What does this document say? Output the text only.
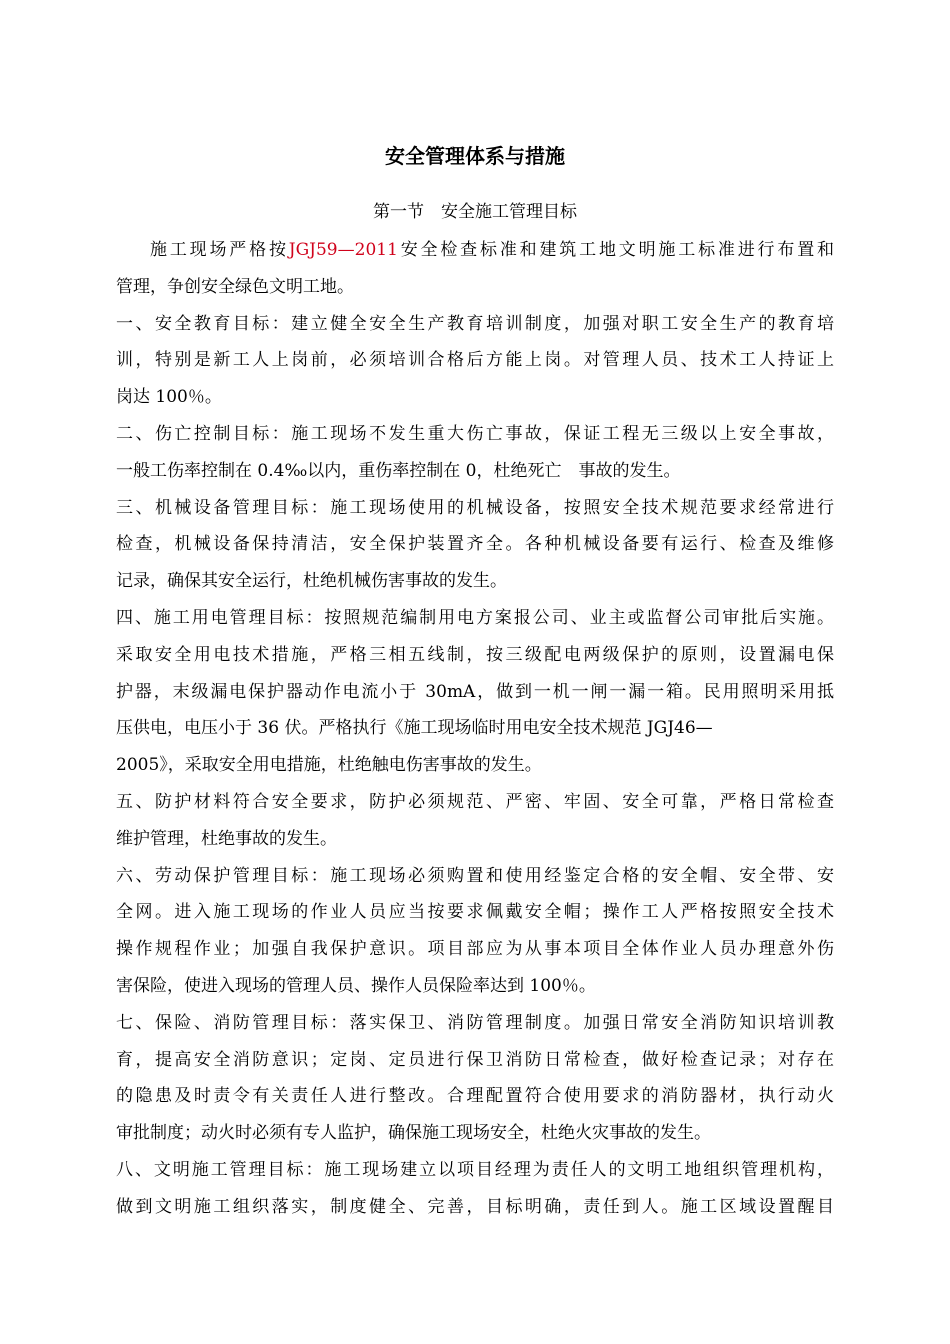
安全管理体系与措施
第一节　安全施工管理目标
施工现场严格按JGJ59—2011安全检查标准和建筑工地文明施工标准进行布置和
管理，争创安全绿色文明工地。
一、安全教育目标：建立健全安全生产教育培训制度，加强对职工安全生产的教育培
训，特别是新工人上岗前，必须培训合格后方能上岗。对管理人员、技术工人持证上
岗达 100％。
二、伤亡控制目标：施工现场不发生重大伤亡事故，保证工程无三级以上安全事故，
一般工伤率控制在 0.4‰以内，重伤率控制在 0，杜绝死亡　事故的发生。
三、机械设备管理目标：施工现场使用的机械设备，按照安全技术规范要求经常进行
检查，机械设备保持清洁，安全保护装置齐全。各种机械设备要有运行、检查及维修
记录，确保其安全运行，杜绝机械伤害事故的发生。
四、施工用电管理目标：按照规范编制用电方案报公司、业主或监督公司审批后实施。
采取安全用电技术措施，严格三相五线制，按三级配电两级保护的原则，设置漏电保
护器，末级漏电保护器动作电流小于 30mA，做到一机一闸一漏一箱。民用照明采用抵
压供电，电压小于 36 伏。严格执行《施工现场临时用电安全技术规范 JGJ46—
2005》，采取安全用电措施，杜绝触电伤害事故的发生。
五、防护材料符合安全要求，防护必须规范、严密、牢固、安全可靠，严格日常检查
维护管理，杜绝事故的发生。
六、劳动保护管理目标：施工现场必须购置和使用经鉴定合格的安全帽、安全带、安
全网。进入施工现场的作业人员应当按要求佩戴安全帽；操作工人严格按照安全技术
操作规程作业；加强自我保护意识。项目部应为从事本项目全体作业人员办理意外伤
害保险，使进入现场的管理人员、操作人员保险率达到 100％。
七、保险、消防管理目标：落实保卫、消防管理制度。加强日常安全消防知识培训教
育，提高安全消防意识；定岗、定员进行保卫消防日常检查，做好检查记录；对存在
的隐患及时责令有关责任人进行整改。合理配置符合使用要求的消防器材，执行动火
审批制度；动火时必须有专人监护，确保施工现场安全，杜绝火灾事故的发生。
八、文明施工管理目标：施工现场建立以项目经理为责任人的文明工地组织管理机构，
做到文明施工组织落实，制度健全、完善，目标明确，责任到人。施工区域设置醒目
